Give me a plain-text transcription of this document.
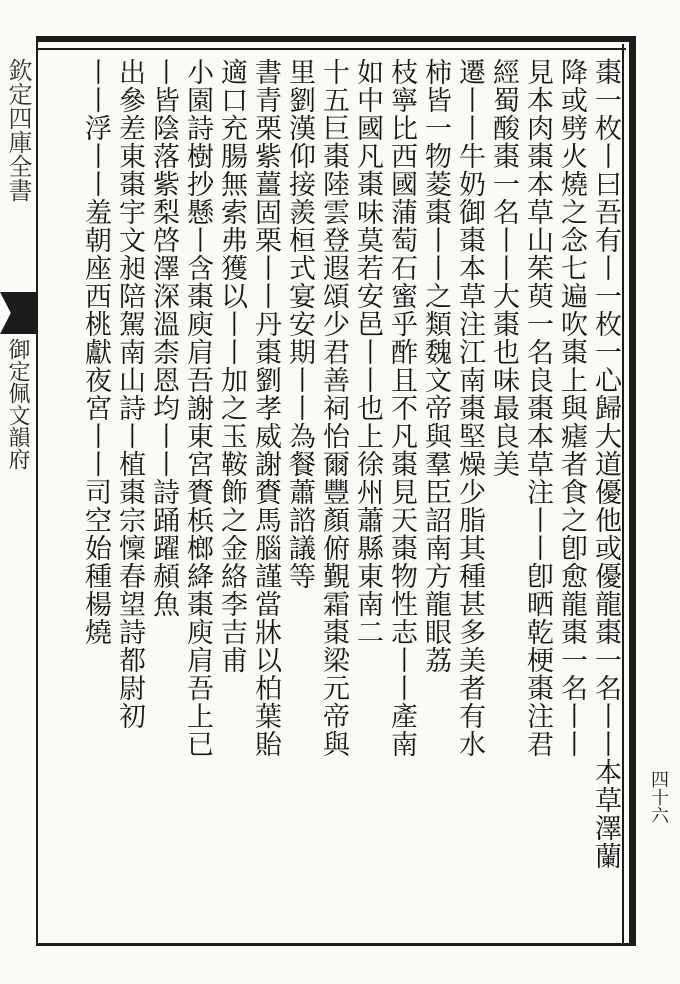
欽定四庫全書
御定佩文韻府
四十六
棗一枚丨曰吾有丨一枚一心歸大道優他或優龍棗一名丨丨本草澤蘭
降或劈火燒之念七遍吹棗上與瘧者食之卽愈龍棗一名丨丨
見本肉棗本草山茱萸一名良棗本草注丨丨卽晒乾梗棗注君
經蜀酸棗一名丨丨大棗也味最良美
遷丨丨牛奶御棗本草注江南棗堅燥少脂其種甚多美者有水
柿皆一物菱棗丨丨之類魏文帝與羣臣詔南方龍眼荔
枝寧比西國蒲萄石蜜乎酢且不凡棗見天棗物性志丨丨產南
如中國凡棗味莫若安邑丨丨也上徐州蕭縣東南二
十五巨棗陸雲登遐頌少君善祠怡爾豐顏俯覲霜棗梁元帝與
里劉漢仰接羨桓式宴安期丨丨為餐蕭諮議等
書青栗紫薑固栗丨丨丹棗劉孝威謝賚馬腦謹當牀以柏葉貽
適口充腸無索弗獲以丨丨加之玉鞍飾之金絡李吉甫
小園詩樹抄懸丨含棗庾肩吾謝東宮賚梹榔絳棗庾肩吾上已
丨皆陰落紫梨啓澤深溫柰恩均丨丨詩踊躍頳魚
出參差東棗宇文昶陪駕南山詩丨植棗宗懍春望詩都尉初
丨丨浮丨丨羞朝座西桃獻夜宮丨丨司空始種楊燒
